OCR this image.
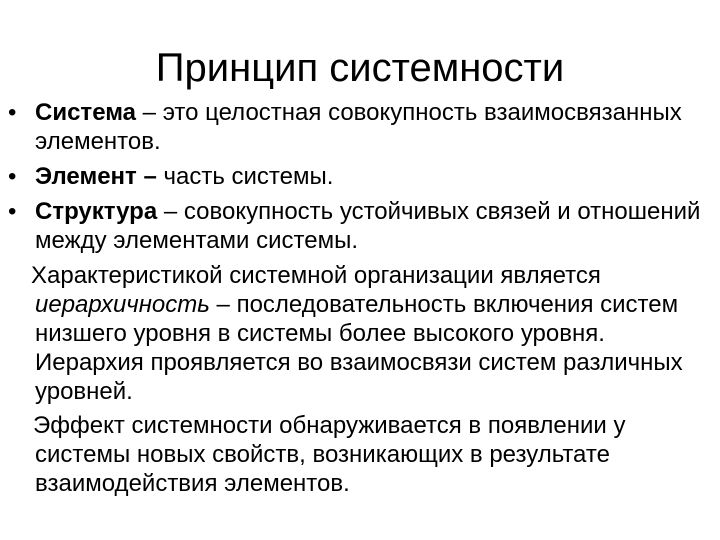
Принцип системности
• Система – это целостная совокупность взаимосвязанных элементов.
• Элемент – часть системы.
• Структура – совокупность устойчивых связей и отношений между элементами системы.

Характеристикой системной организации является иерархичность – последовательность включения систем низшего уровня в системы более высокого уровня. Иерархия проявляется во взаимосвязи систем различных уровней.

Эффект системности обнаруживается в появлении у системы новых свойств, возникающих в результате взаимодействия элементов.
